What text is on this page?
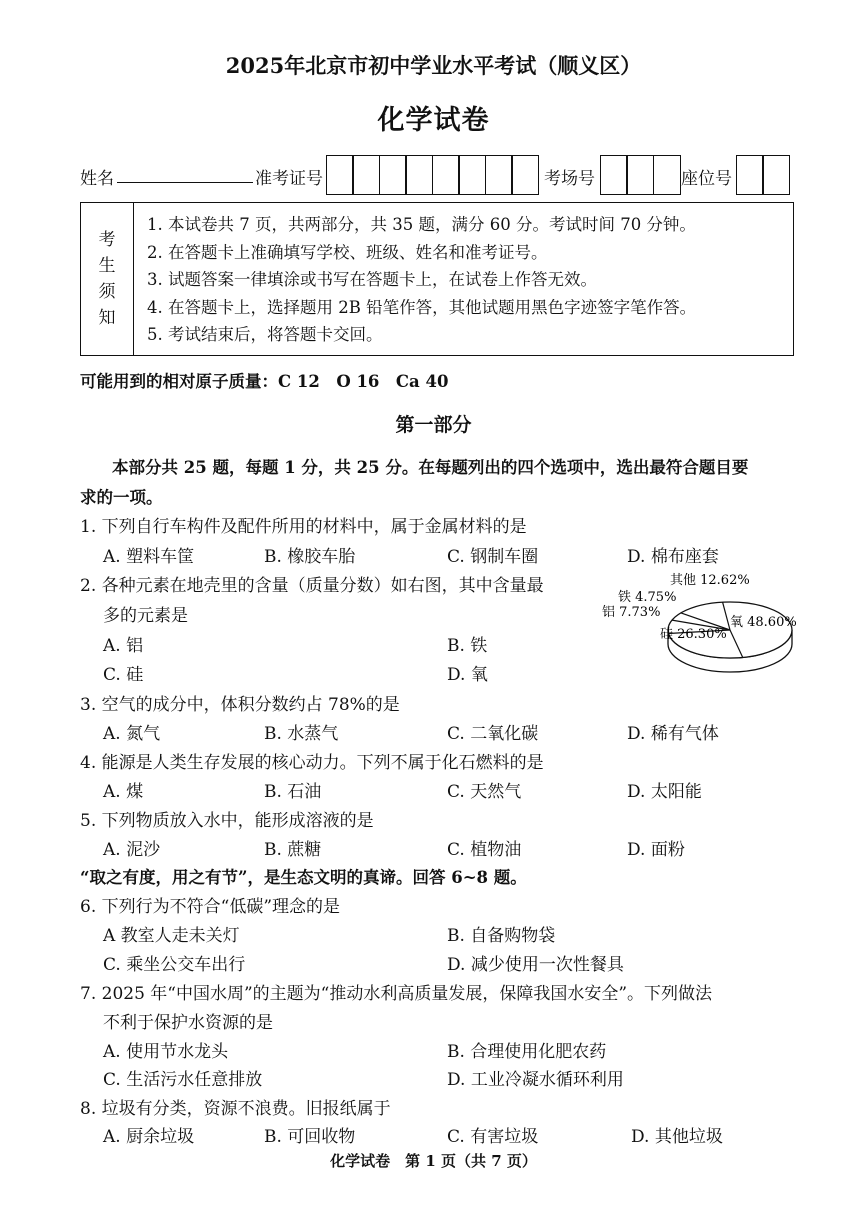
2025年北京市初中学业水平考试（顺义区）
化学试卷
姓名	准考证号	考场号	座位号
考
生
须
知
1. 本试卷共 7 页，共两部分，共 35 题，满分 60 分。考试时间 70 分钟。
2. 在答题卡上准确填写学校、班级、姓名和准考证号。
3. 试题答案一律填涂或书写在答题卡上，在试卷上作答无效。
4. 在答题卡上，选择题用 2B 铅笔作答，其他试题用黑色字迹签字笔作答。
5. 考试结束后，将答题卡交回。
可能用到的相对原子质量：C 12　O 16　Ca 40
第一部分
本部分共 25 题，每题 1 分，共 25 分。在每题列出的四个选项中，选出最符合题目要
求的一项。
1. 下列自行车构件及配件所用的材料中，属于金属材料的是
A. 塑料车筐	B. 橡胶车胎	C. 钢制车圈	D. 棉布座套
2. 各种元素在地壳里的含量（质量分数）如右图，其中含量最
多的元素是
A. 铝	B. 铁
C. 硅	D. 氧
其他 12.62%
铁 4.75%
铝 7.73%
氧 48.60%
硅 26.30%
3. 空气的成分中，体积分数约占 78%的是
A. 氮气	B. 水蒸气	C. 二氧化碳	D. 稀有气体
4. 能源是人类生存发展的核心动力。下列不属于化石燃料的是
A. 煤	B. 石油	C. 天然气	D. 太阳能
5. 下列物质放入水中，能形成溶液的是
A. 泥沙	B. 蔗糖	C. 植物油	D. 面粉
“取之有度，用之有节”，是生态文明的真谛。回答 6~8 题。
6. 下列行为不符合“低碳”理念的是
A 教室人走未关灯	B. 自备购物袋
C. 乘坐公交车出行	D. 减少使用一次性餐具
7. 2025 年“中国水周”的主题为“推动水利高质量发展，保障我国水安全”。下列做法
不利于保护水资源的是
A. 使用节水龙头	B. 合理使用化肥农药
C. 生活污水任意排放	D. 工业冷凝水循环利用
8. 垃圾有分类，资源不浪费。旧报纸属于
A. 厨余垃圾	B. 可回收物	C. 有害垃圾	D. 其他垃圾
化学试卷　第 1 页（共 7 页）
